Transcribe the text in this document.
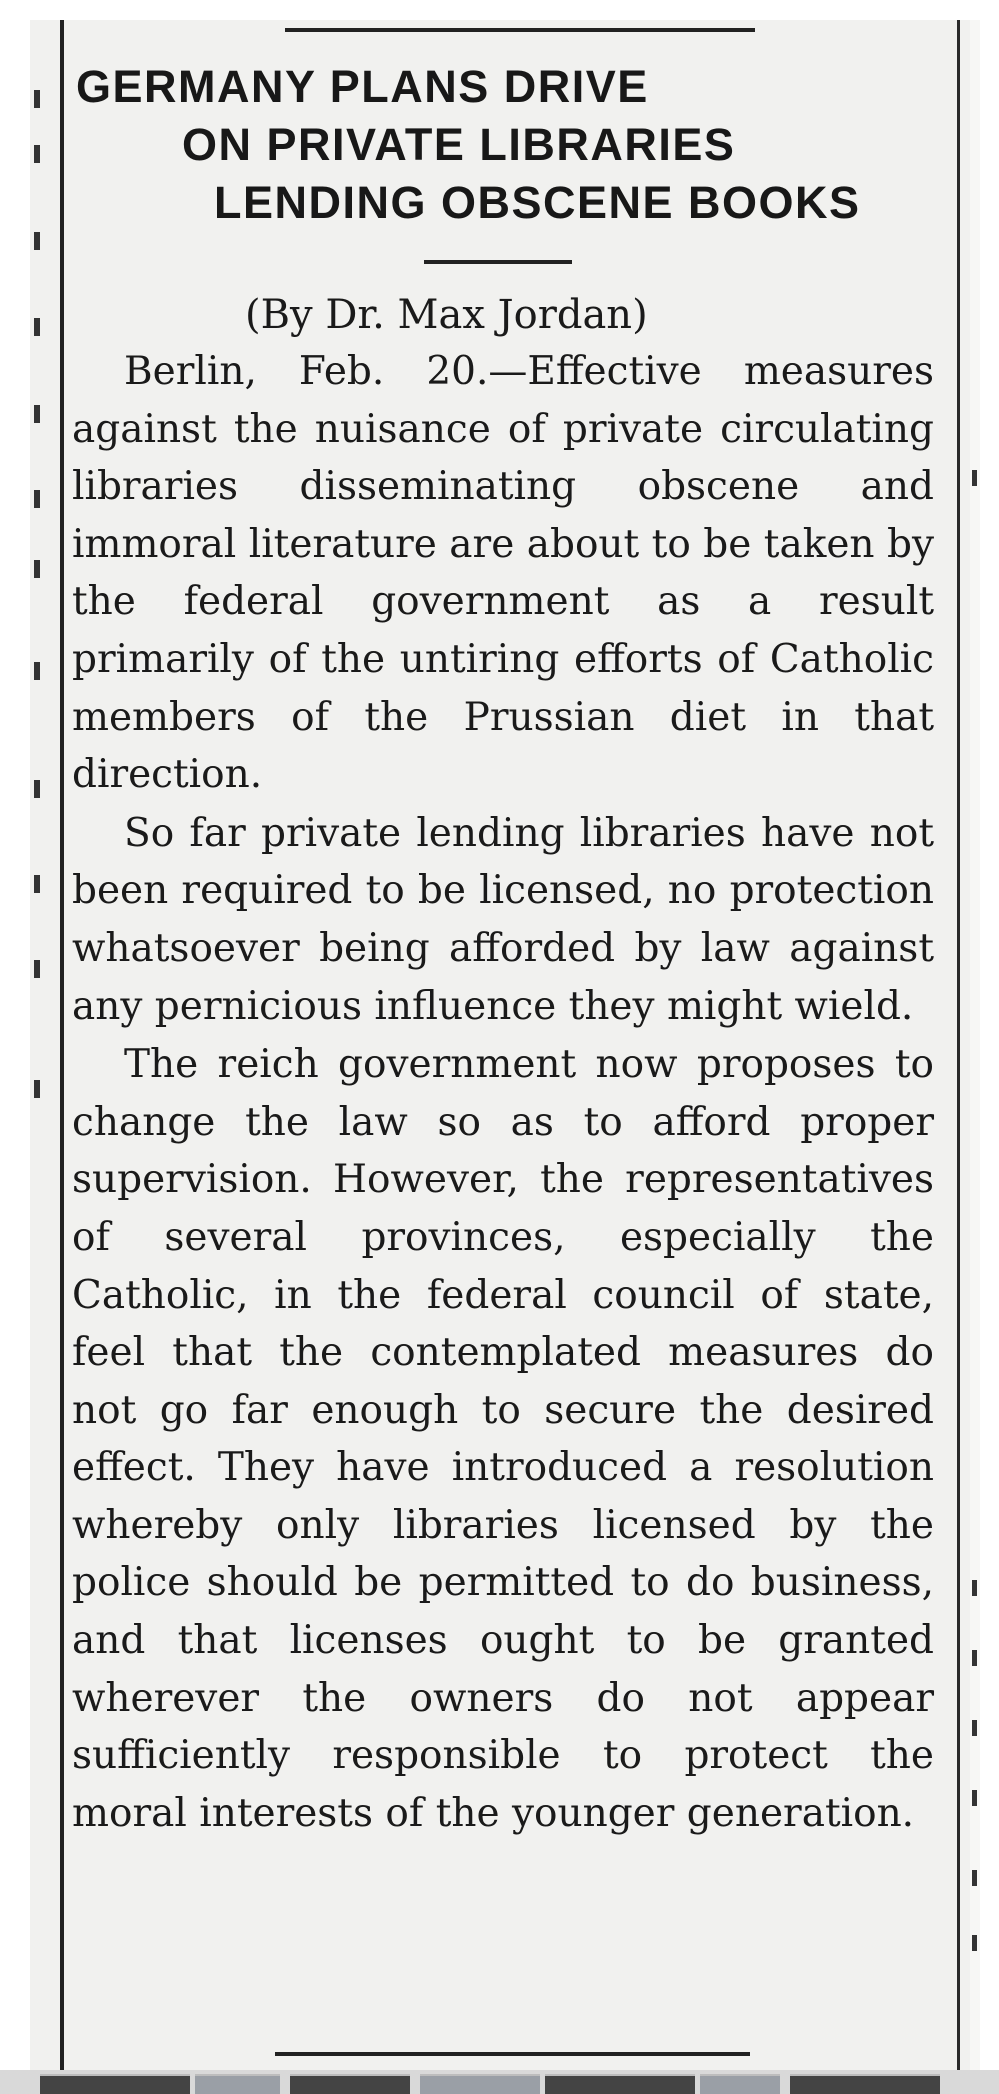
GERMANY PLANS DRIVE
ON PRIVATE LIBRARIES
LENDING OBSCENE BOOKS
(By Dr. Max Jordan)

Berlin, Feb. 20.—Effective measures against the nuisance of private circulating libraries disseminating obscene and immoral literature are about to be taken by the federal government as a result primarily of the untiring efforts of Catholic members of the Prussian diet in that direction.

So far private lending libraries have not been required to be licensed, no protection whatsoever being afforded by law against any pernicious influence they might wield.

The reich government now proposes to change the law so as to afford proper supervision. However, the representatives of several provinces, especially the Catholic, in the federal council of state, feel that the contemplated measures do not go far enough to secure the desired effect. They have introduced a resolution whereby only libraries licensed by the police should be permitted to do business, and that licenses ought to be granted wherever the owners do not appear sufficiently responsible to protect the moral interests of the younger generation.
